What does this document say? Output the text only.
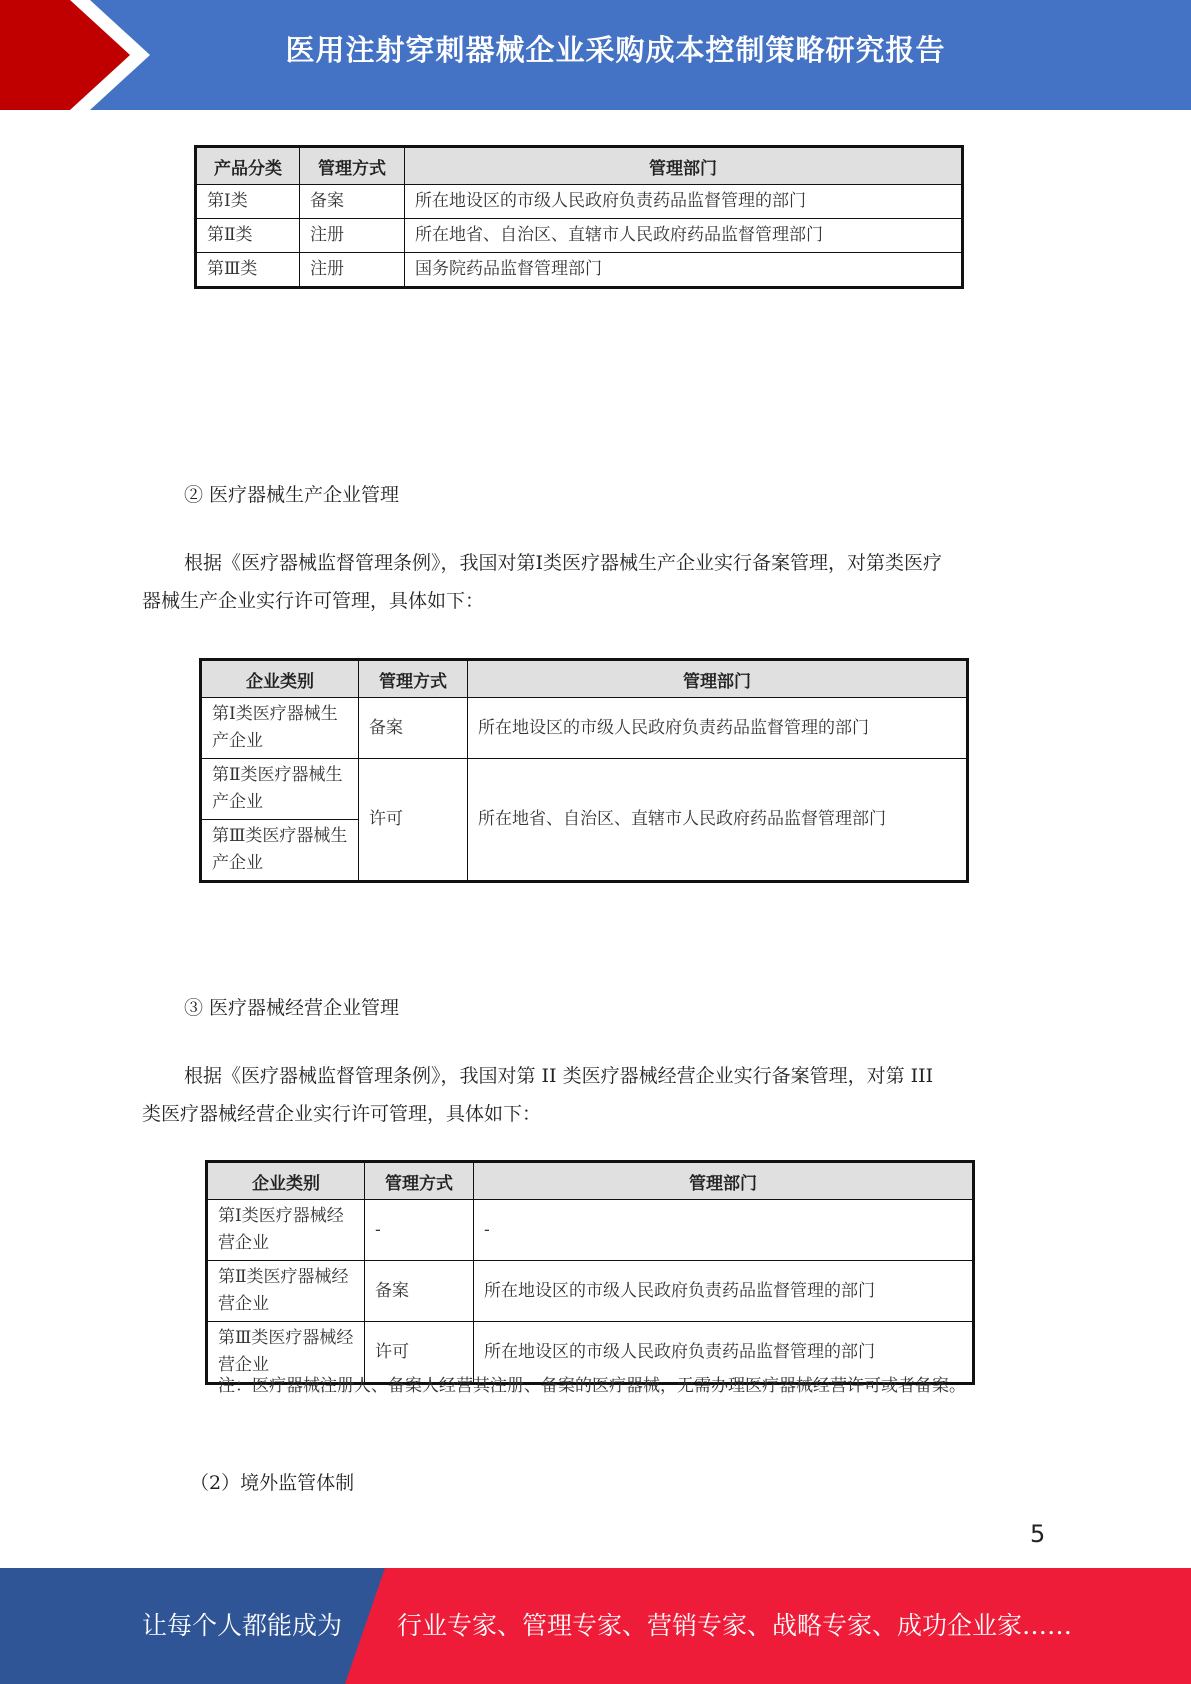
医用注射穿刺器械企业采购成本控制策略研究报告
产品分类	管理方式	管理部门
第Ⅰ类	备案	所在地设区的市级人民政府负责药品监督管理的部门
第Ⅱ类	注册	所在地省、自治区、直辖市人民政府药品监督管理部门
第Ⅲ类	注册	国务院药品监督管理部门
② 医疗器械生产企业管理
根据《医疗器械监督管理条例》，我国对第Ⅰ类医疗器械生产企业实行备案管理，对第类医疗
器械生产企业实行许可管理，具体如下：
企业类别	管理方式	管理部门
第Ⅰ类医疗器械生产企业	备案	所在地设区的市级人民政府负责药品监督管理的部门
第Ⅱ类医疗器械生产企业	许可	所在地省、自治区、直辖市人民政府药品监督管理部门
第Ⅲ类医疗器械生产企业		
③ 医疗器械经营企业管理
根据《医疗器械监督管理条例》，我国对第 II 类医疗器械经营企业实行备案管理，对第 III
类医疗器械经营企业实行许可管理，具体如下：
企业类别	管理方式	管理部门
第Ⅰ类医疗器械经营企业	-	-
第Ⅱ类医疗器械经营企业	备案	所在地设区的市级人民政府负责药品监督管理的部门
第Ⅲ类医疗器械经营企业	许可	所在地设区的市级人民政府负责药品监督管理的部门
注：医疗器械注册人、备案人经营其注册、备案的医疗器械，无需办理医疗器械经营许可或者备案。
（2）境外监管体制
5
让每个人都能成为 行业专家、管理专家、营销专家、战略专家、成功企业家……
